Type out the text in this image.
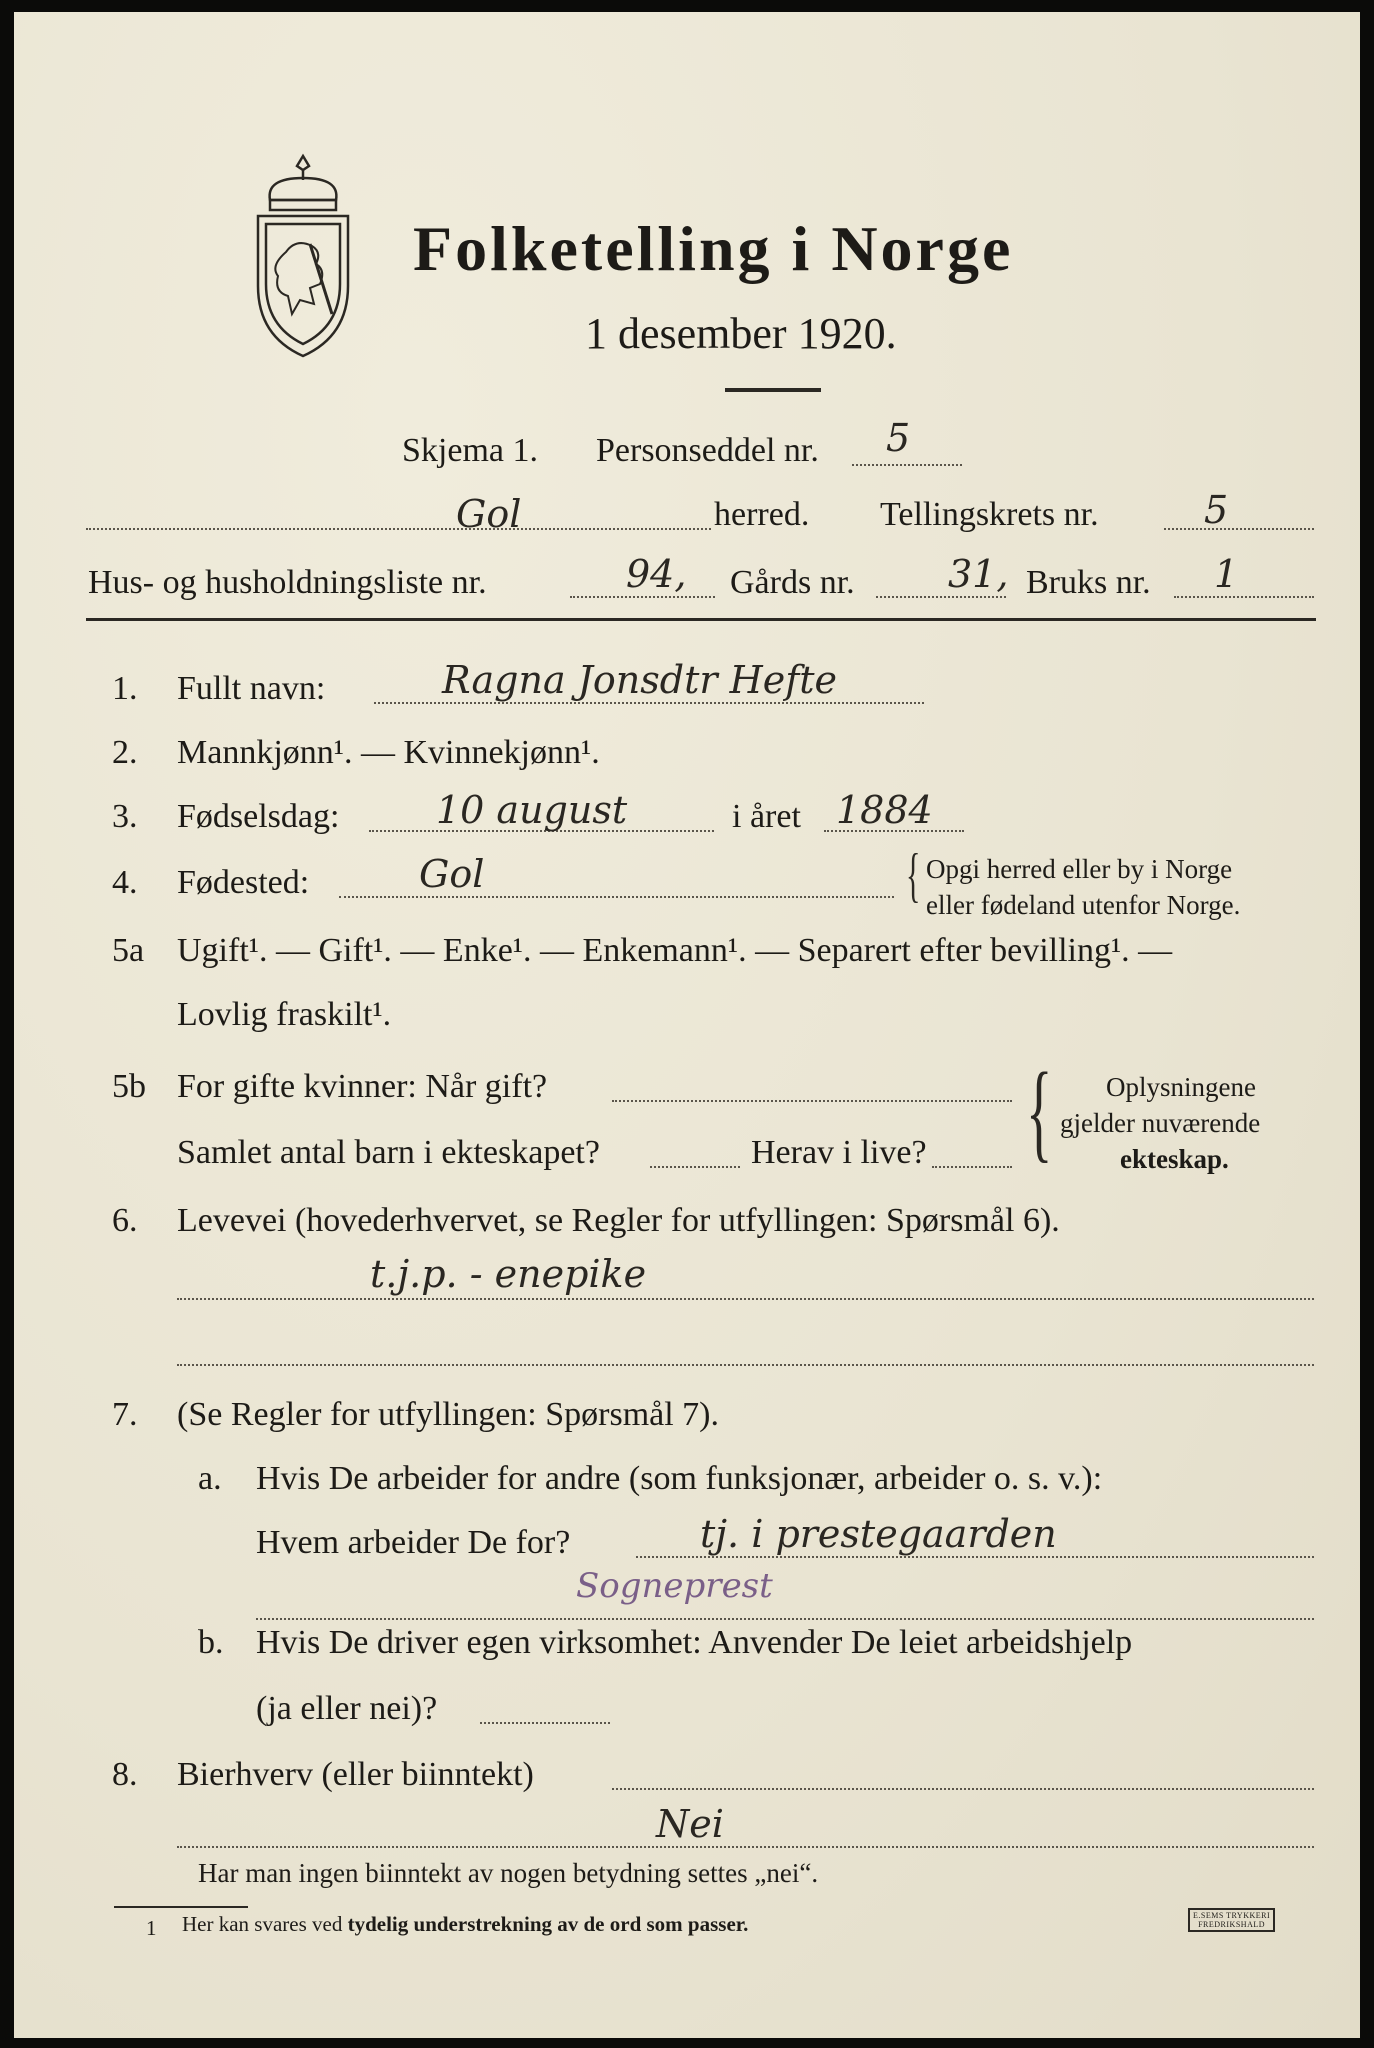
Folketelling i Norge
1 desember 1920.
Skjema 1. Personseddel nr. 5
Gol	herred. Tellingskrets nr.	5
Hus- og husholdningsliste nr.	94, Gårds nr. 31, Bruks nr. 1
1. Fullt navn:	Ragna Jonsdtr Hefte
2. Mannkjønn¹. — Kvinnekjønn¹.
3. Fødselsdag:	10 august	i året 1884
4. Fødested:	Gol	{ Opgi herred eller by i Norge
eller fødeland utenfor Norge.
5a Ugift¹. — Gift¹. — Enke¹. — Enkemann¹. — Separert efter bevilling¹. —
Lovlig fraskilt¹.
5b For gifte kvinner: Når gift?
Samlet antal barn i ekteskapet?	Herav i live? { Oplysningene
gjelder nuværende
ekteskap.
6. Levevei (hovederhvervet, se Regler for utfyllingen: Spørsmål 6).
t.j.p. - enepike
7. (Se Regler for utfyllingen: Spørsmål 7).
a. Hvis De arbeider for andre (som funksjonær, arbeider o. s. v.):
Hvem arbeider De for?	tj. i prestegaarden
Sogneprest
b. Hvis De driver egen virksomhet: Anvender De leiet arbeidshjelp
(ja eller nei)?
8. Bierhverv (eller biinntekt)
Nei
Har man ingen biinntekt av nogen betydning settes „nei“.
1 Her kan svares ved tydelig understrekning av de ord som passer.	E.SEMS TRYKKERI
FREDRIKSHALD
